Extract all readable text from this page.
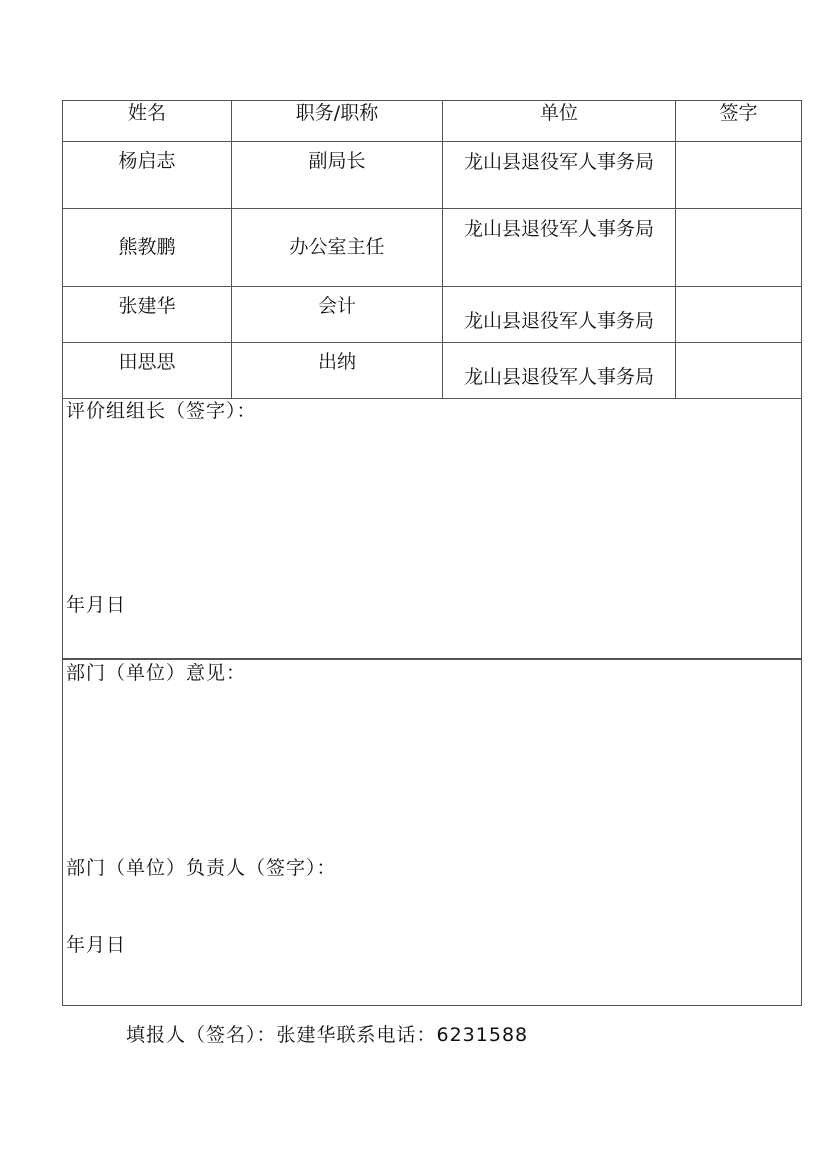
姓名	职务/职称	单位	签字
杨启志	副局长	龙山县退役军人事务局	
熊教鹏	办公室主任	龙山县退役军人事务局	
张建华	会计	龙山县退役军人事务局	
田思思	出纳	龙山县退役军人事务局	
评价组组长（签字）：
年月日
部门（单位）意见：
部门（单位）负责人（签字）：
年月日
填报人（签名）：张建华联系电话：6231588
